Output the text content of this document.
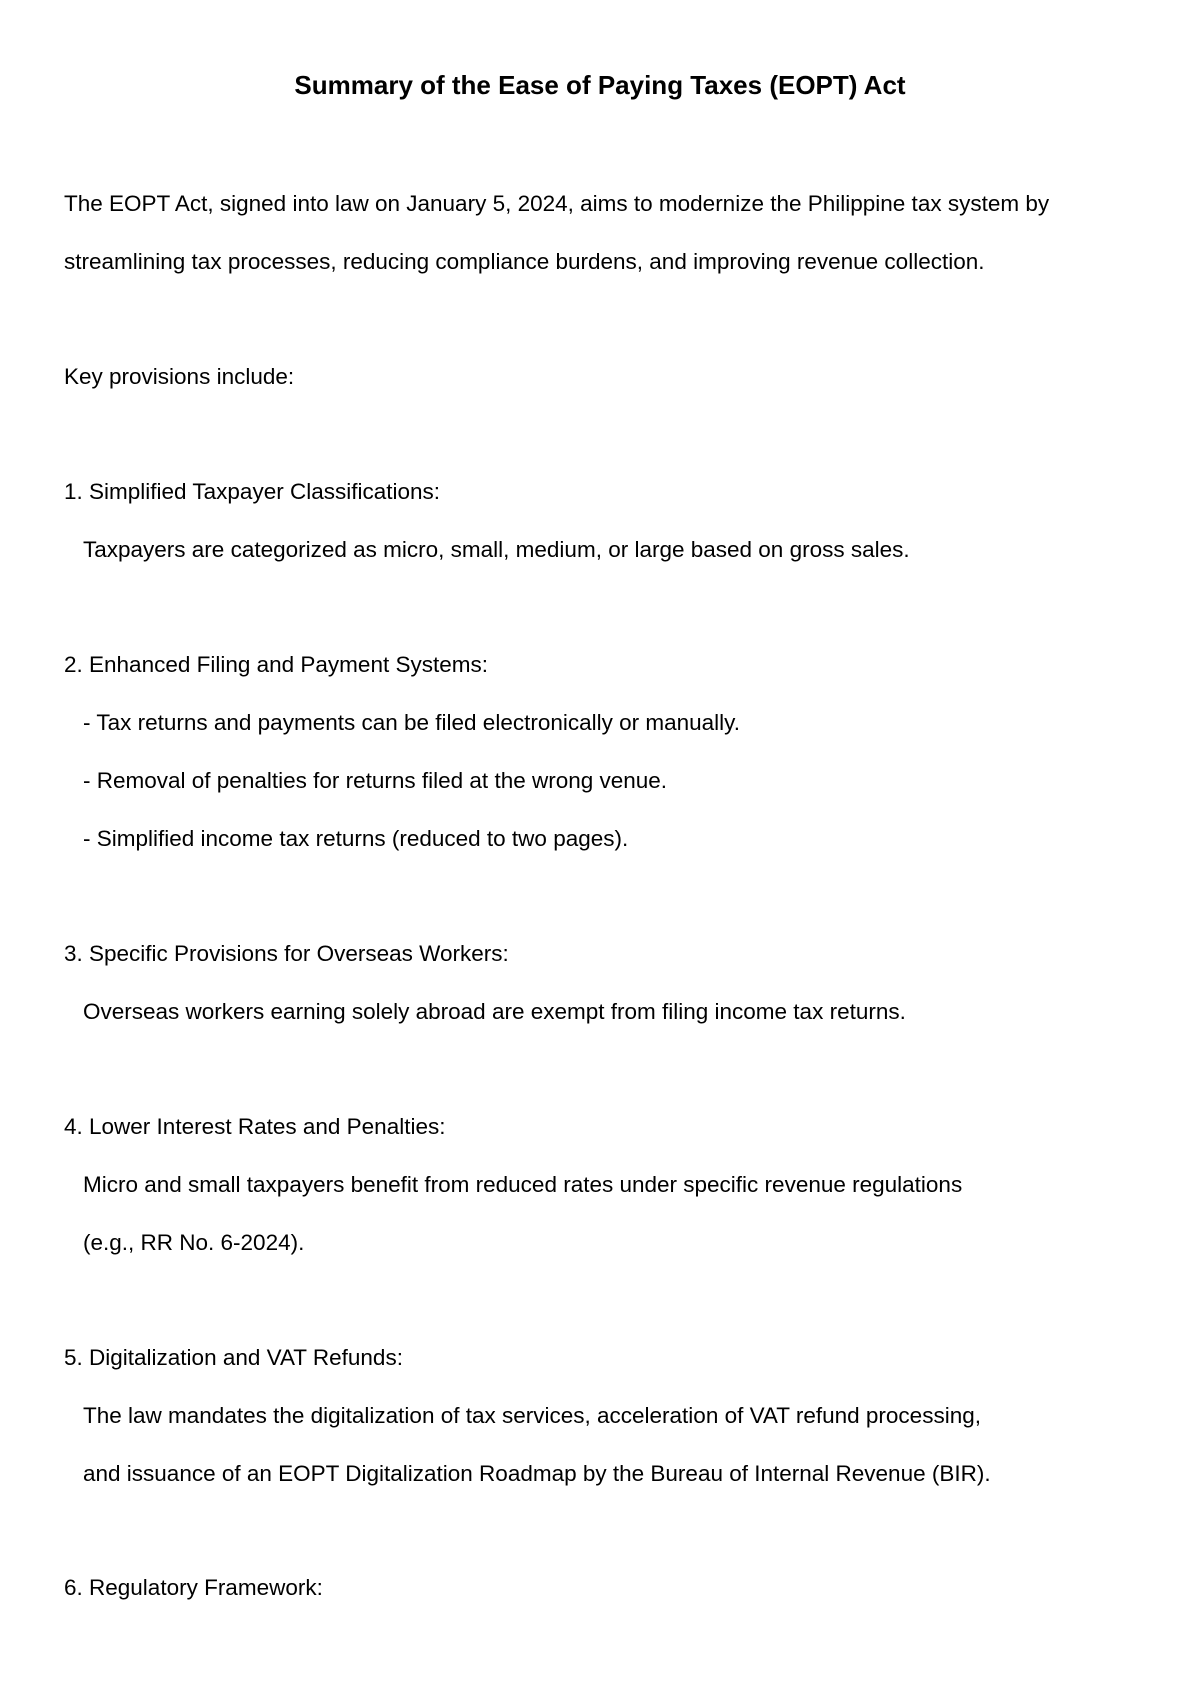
Summary of the Ease of Paying Taxes (EOPT) Act
The EOPT Act, signed into law on January 5, 2024, aims to modernize the Philippine tax system by
streamlining tax processes, reducing compliance burdens, and improving revenue collection.
Key provisions include:
1. Simplified Taxpayer Classifications:
Taxpayers are categorized as micro, small, medium, or large based on gross sales.
2. Enhanced Filing and Payment Systems:
- Tax returns and payments can be filed electronically or manually.
- Removal of penalties for returns filed at the wrong venue.
- Simplified income tax returns (reduced to two pages).
3. Specific Provisions for Overseas Workers:
Overseas workers earning solely abroad are exempt from filing income tax returns.
4. Lower Interest Rates and Penalties:
Micro and small taxpayers benefit from reduced rates under specific revenue regulations
(e.g., RR No. 6-2024).
5. Digitalization and VAT Refunds:
The law mandates the digitalization of tax services, acceleration of VAT refund processing,
and issuance of an EOPT Digitalization Roadmap by the Bureau of Internal Revenue (BIR).
6. Regulatory Framework:
